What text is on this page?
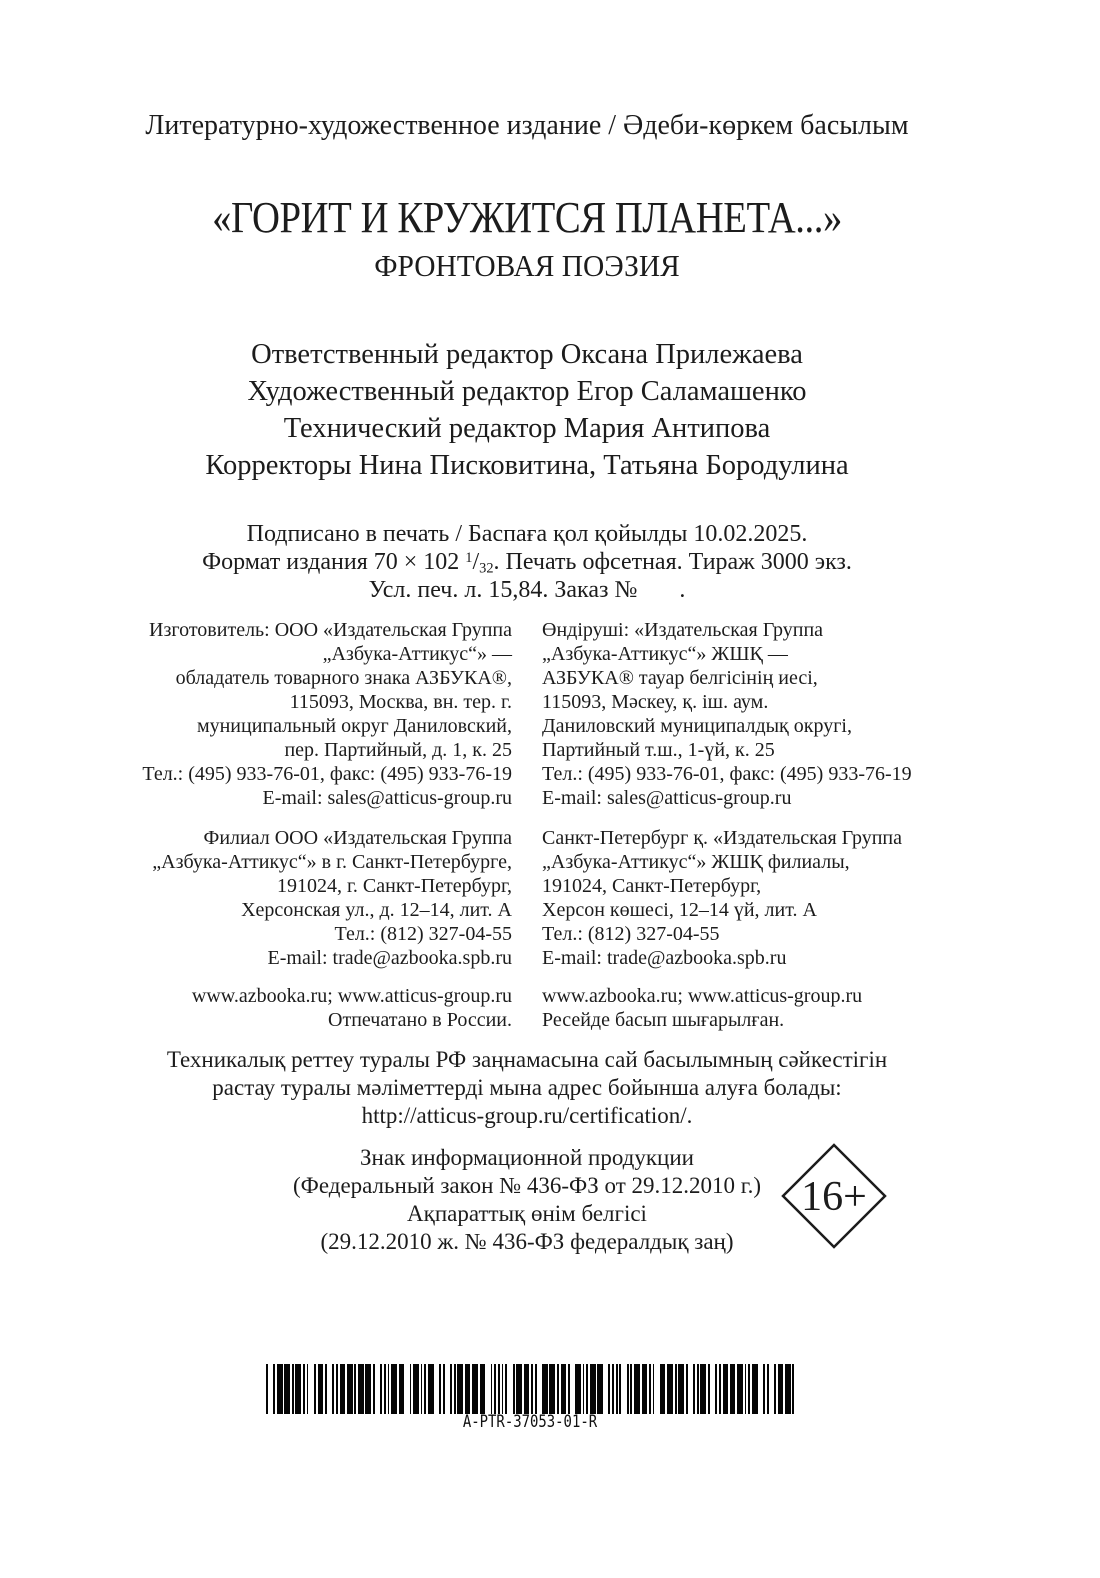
Литературно-художественное издание / Әдеби-көркем басылым
«ГОРИТ И КРУЖИТСЯ ПЛАНЕТА...»
ФРОНТОВАЯ ПОЭЗИЯ
Ответственный редактор Оксана Прилежаева
Художественный редактор Егор Саламашенко
Технический редактор Мария Антипова
Корректоры Нина Писковитина, Татьяна Бородулина
Подписано в печать / Баспаға қол қойылды 10.02.2025.
Формат издания 70 × 102 $^1$/32. Печать офсетная. Тираж 3000 экз.
Усл. печ. л. 15,84. Заказ №       .
Изготовитель: ООО «Издательская Группа
„Азбука-Аттикус“» —
обладатель товарного знака АЗБУКА®,
115093, Москва, вн. тер. г.
муниципальный округ Даниловский,
пер. Партийный, д. 1, к. 25
Тел.: (495) 933-76-01, факс: (495) 933-76-19
E-mail: sales@atticus-group.ru
Филиал ООО «Издательская Группа
„Азбука-Аттикус“» в г. Санкт-Петербурге,
191024, г. Санкт-Петербург,
Херсонская ул., д. 12–14, лит. А
Тел.: (812) 327-04-55
E-mail: trade@azbooka.spb.ru
www.azbooka.ru; www.atticus-group.ru
Отпечатано в России.
Өндіруші: «Издательская Группа
„Азбука-Аттикус“» ЖШҚ —
АЗБУКА® тауар белгісінің иесі,
115093, Мәскеу, қ. іш. аум.
Даниловский муниципалдық округі,
Партийный т.ш., 1-үй, к. 25
Тел.: (495) 933-76-01, факс: (495) 933-76-19
E-mail: sales@atticus-group.ru
Санкт-Петербург қ. «Издательская Группа
„Азбука-Аттикус“» ЖШҚ филиалы,
191024, Санкт-Петербург,
Херсон көшесі, 12–14 үй, лит. А
Тел.: (812) 327-04-55
E-mail: trade@azbooka.spb.ru
www.azbooka.ru; www.atticus-group.ru
Ресейде басып шығарылған.
Техникалық реттеу туралы РФ заңнамасына сай басылымның сәйкестігін
растау туралы мәліметтерді мына адрес бойынша алуға болады:
http://atticus-group.ru/certification/.
Знак информационной продукции
(Федеральный закон № 436-ФЗ от 29.12.2010 г.)
Ақпараттық өнім белгісі
(29.12.2010 ж. № 436-ФЗ федералдық заң)
16+
A-PTR-37053-01-R
